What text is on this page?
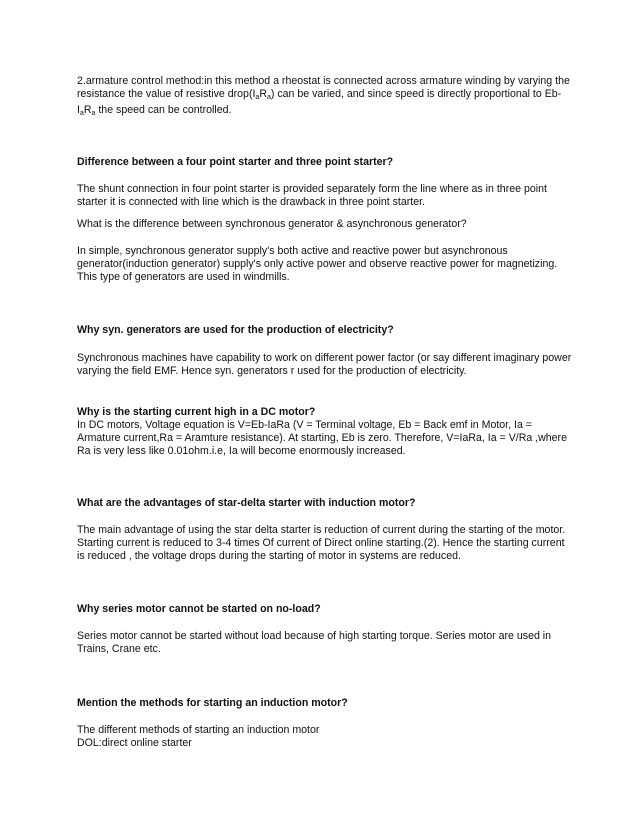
2.armature control method:in this method a rheostat is connected across armature winding by varying the
resistance the value of resistive $drop(I_aR_a)$ can be varied, and since speed is directly proportional to Eb-
$I_aR_a$ the speed can be controlled.
Difference between a four point starter and three point starter?
The shunt connection in four point starter is provided separately form the line where as in three point
starter it is connected with line which is the drawback in three point starter.
What is the difference between synchronous generator & asynchronous generator?
In simple, synchronous generator supply's both active and reactive power but asynchronous
generator(induction generator) supply's only active power and observe reactive power for magnetizing.
This type of generators are used in windmills.
Why syn. generators are used for the production of electricity?
Synchronous machines have capability to work on different power factor (or say different imaginary power
varying the field EMF. Hence syn. generators r used for the production of electricity.
Why is the starting current high in a DC motor?
In DC motors, Voltage equation is V=Eb-IaRa (V = Terminal voltage, Eb = Back emf in Motor, Ia =
Armature current,Ra = Aramture resistance). At starting, Eb is zero. Therefore, V=IaRa, Ia = V/Ra ,where
Ra is very less like 0.01ohm.i.e, Ia will become enormously increased.
What are the advantages of star-delta starter with induction motor?
The main advantage of using the star delta starter is reduction of current during the starting of the motor.
Starting current is reduced to 3-4 times Of current of Direct online starting.(2). Hence the starting current
is reduced , the voltage drops during the starting of motor in systems are reduced.
Why series motor cannot be started on no-load?
Series motor cannot be started without load because of high starting torque. Series motor are used in
Trains, Crane etc.
Mention the methods for starting an induction motor?
The different methods of starting an induction motor
DOL:direct online starter
